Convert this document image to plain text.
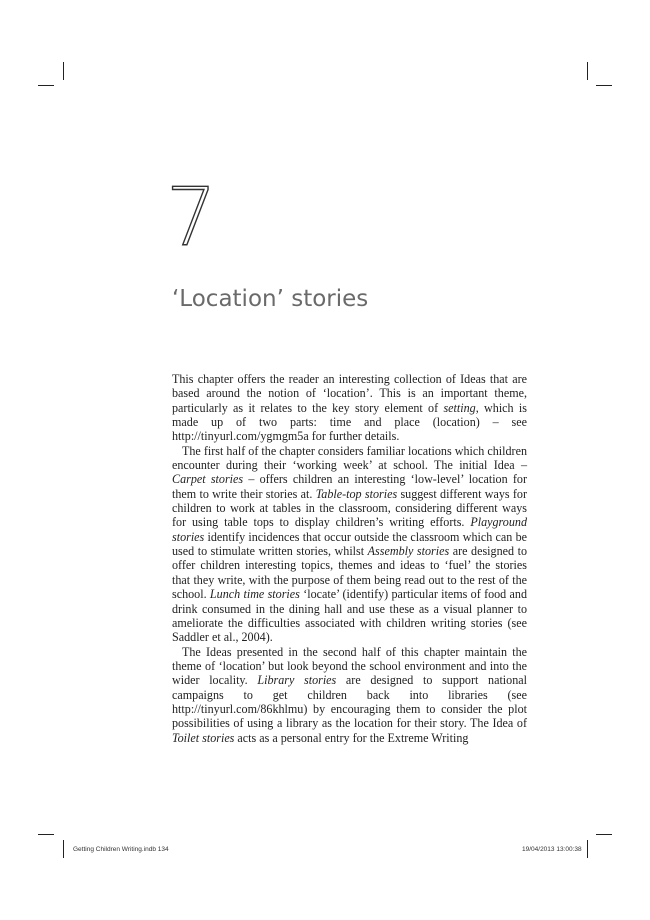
7
‘Location’ stories

This chapter offers the reader an interesting collection of Ideas that are based around the notion of ‘location’. This is an important theme, particularly as it relates to the key story element of setting, which is made up of two parts: time and place (location) – see http://tinyurl.com/ygmgm5a for further details.

The first half of the chapter considers familiar locations which children encounter during their ‘working week’ at school. The initial Idea – Carpet stories – offers children an interesting ‘low-level’ location for them to write their stories at. Table-top stories suggest different ways for children to work at tables in the classroom, considering different ways for using table tops to display children’s writing efforts. Playground stories identify incidences that occur outside the classroom which can be used to stimulate written stories, whilst Assembly stories are designed to offer children interesting topics, themes and ideas to ‘fuel’ the stories that they write, with the purpose of them being read out to the rest of the school. Lunch time stories ‘locate’ (identify) particular items of food and drink consumed in the dining hall and use these as a visual planner to ameliorate the difficulties associated with children writing stories (see Saddler et al., 2004).

The Ideas presented in the second half of this chapter maintain the theme of ‘location’ but look beyond the school environment and into the wider locality. Library stories are designed to support national campaigns to get children back into libraries (see http://tinyurl.com/86khlmu) by encouraging them to consider the plot possibilities of using a library as the location for their story. The Idea of Toilet stories acts as a personal entry for the Extreme Writing

Getting Children Writing.indb 134	19/04/2013 13:00:38
